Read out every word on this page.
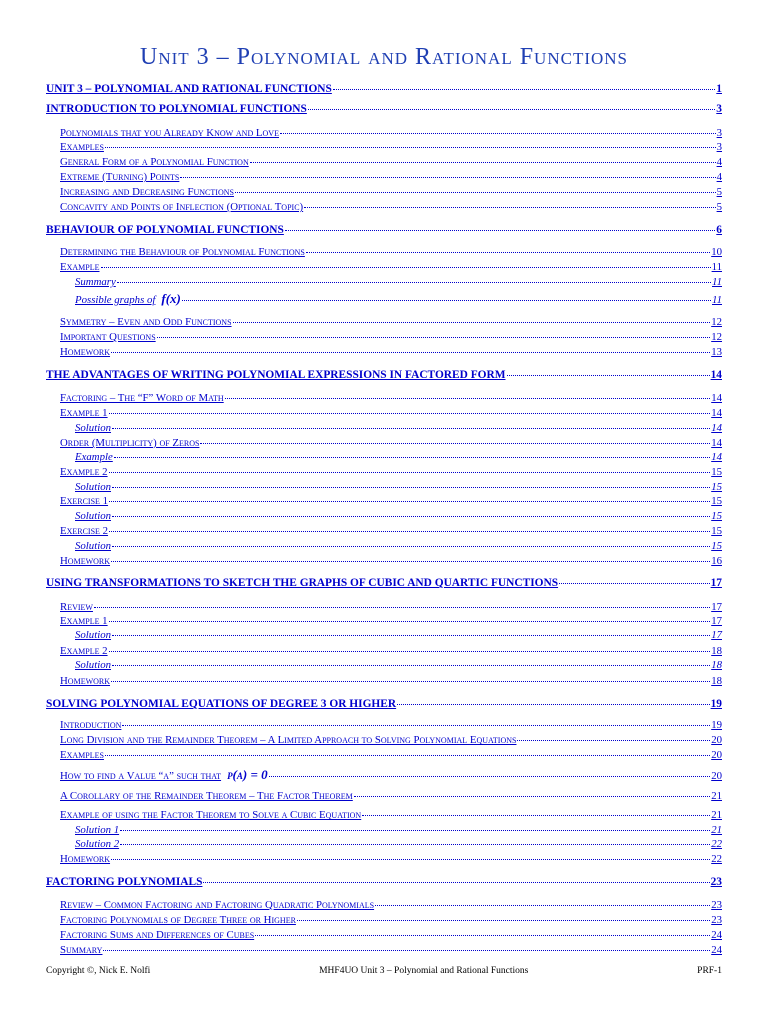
Unit 3 – Polynomial and Rational Functions
UNIT 3 – POLYNOMIAL AND RATIONAL FUNCTIONS	1
INTRODUCTION TO POLYNOMIAL FUNCTIONS	3
Polynomials that you Already Know and Love	3
Examples	3
General Form of a Polynomial Function	4
Extreme (Turning) Points	4
Increasing and Decreasing Functions	5
Concavity and Points of Inflection (Optional Topic)	5
BEHAVIOUR OF POLYNOMIAL FUNCTIONS	6
Determining the Behaviour of Polynomial Functions	10
Example	11
Summary	11
Possible graphs of f(x)	11
Symmetry – Even and Odd Functions	12
Important Questions	12
Homework	13
THE ADVANTAGES OF WRITING POLYNOMIAL EXPRESSIONS IN FACTORED FORM	14
Factoring – The “F” Word of Math	14
Example 1	14
Solution	14
Order (Multiplicity) of Zeros	14
Example	14
Example 2	15
Solution	15
Exercise 1	15
Solution	15
Exercise 2	15
Solution	15
Homework	16
USING TRANSFORMATIONS TO SKETCH THE GRAPHS OF CUBIC AND QUARTIC FUNCTIONS	17
Review	17
Example 1	17
Solution	17
Example 2	18
Solution	18
Homework	18
SOLVING POLYNOMIAL EQUATIONS OF DEGREE 3 OR HIGHER	19
Introduction	19
Long Division and the Remainder Theorem – A Limited Approach to Solving Polynomial Equations	20
Examples	20
How to find a Value “a” such that p(a) = 0	20
A Corollary of the Remainder Theorem – The Factor Theorem	21
Example of using the Factor Theorem to Solve a Cubic Equation	21
Solution 1	21
Solution 2	22
Homework	22
FACTORING POLYNOMIALS	23
Review – Common Factoring and Factoring Quadratic Polynomials	23
Factoring Polynomials of Degree Three or Higher	23
Factoring Sums and Differences of Cubes	24
Summary	24
Copyright ©, Nick E. Nolfi	MHF4UO Unit 3 – Polynomial and Rational Functions	PRF-1
